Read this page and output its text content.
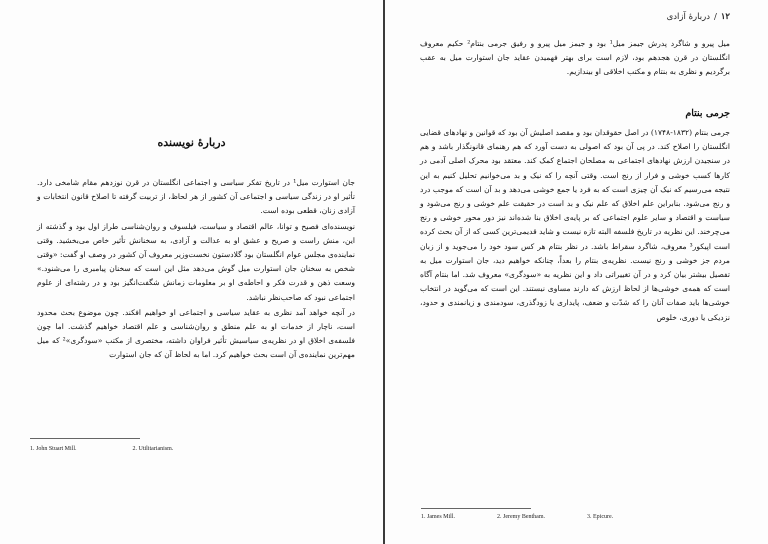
دربارهٔ نویسنده

جان استوارت میل¹ در تاریخ تفکر سیاسی و اجتماعی انگلستان در قرن نوزدهم مقام شامخی دارد. تأثیر او در زندگی سیاسی و اجتماعی آن کشور از هر لحاظ، از تربیت گرفته تا اصلاح قانون انتخابات و آزادی زنان، قطعی بوده است.

نویسنده‌ای فصیح و توانا، عالم اقتصاد و سیاست، فیلسوف و روان‌شناسی طراز اول بود و گذشته از این، منش راست و صریح و عشق او به عدالت و آزادی، به سخنانش تأثیر خاص می‌بخشید. وقتی نماینده‌ی مجلس عوام انگلستان بود گلادستون نخست‌وزیر معروف آن کشور در وصف او گفت: «وقتی شخص به سخنان جان استوارت میل گوش می‌دهد مثل این است که سخنان پیامبری را می‌شنود.» وسعت ذهن و قدرت فکر و احاطه‌ی او بر معلومات زمانش شگفت‌انگیز بود و در رشته‌ای از علوم اجتماعی نبود که صاحب‌نظر نباشد.

در آنچه خواهد آمد نظری به عقاید سیاسی و اجتماعی او خواهیم افکند. چون موضوع بحث محدود است، ناچار از خدمات او به علم منطق و روان‌شناسی و علم اقتصاد خواهیم گذشت. اما چون فلسفه‌ی اخلاق او در نظریه‌ی سیاسیش تأثیر فراوان داشته، مختصری از مکتب «سودگری»² که میل مهم‌ترین نماینده‌ی آن است بحث خواهیم کرد. اما به لحاظ آن که جان استوارت

1. John Stuart Mill.	2. Utilitarianism.
۱۲/دربارهٔ آزادی
میل پیرو و شاگرد پدرش جیمز میل¹ بود و جیمز میل پیرو و رفیق جرمی بنتام² حکیم معروف انگلستان در قرن هجدهم بود، لازم است برای بهتر فهمیدن عقاید جان استوارت میل به عقب برگردیم و نظری به بنتام و مکتب اخلاقی او بیندازیم.
جرمی بنتام
جرمی بنتام (۱۸۳۲-۱۷۴۸) در اصل حقوقدان بود و مقصد اصلیش آن بود که قوانین و نهادهای قضایی انگلستان را اصلاح کند. در پی آن بود که اصولی به دست آورد که هم رهنمای قانونگذار باشد و هم در سنجیدن ارزش نهادهای اجتماعی به مصلحان اجتماع کمک کند. معتقد بود محرک اصلی آدمی در کارها کسب خوشی و فرار از رنج است. وقتی آنچه را که نیک و بد می‌خوانیم تحلیل کنیم به این نتیجه می‌رسیم که نیک آن چیزی است که به فرد یا جمع خوشی می‌دهد و بد آن است که موجب درد و رنج می‌شود. بنابراین علم اخلاق که علم نیک و بد است در حقیقت علم خوشی و رنج می‌شود و سیاست و اقتصاد و سایر علوم اجتماعی که بر پایه‌ی اخلاق بنا شده‌اند نیز دور محور خوشی و رنج می‌چرخند. این نظریه در تاریخ فلسفه البته تازه نیست و شاید قدیمی‌ترین کسی که از آن بحث کرده است اپیکور³ معروف، شاگرد سقراط باشد. در نظر بنتام هر کس سود خود را می‌جوید و از زبان مردم جز خوشی و رنج نیست. نظریه‌ی بنتام را بعداً، چنانکه خواهیم دید، جان استوارت میل به تفصیل بیشتر بیان کرد و در آن تغییراتی داد و این نظریه به «سودگری» معروف شد. اما بنتام آگاه است که همه‌ی خوشی‌ها از لحاظ ارزش که دارند مساوی نیستند. این است که می‌گوید در انتخاب خوشی‌ها باید صفات آنان را که شدّت و ضعف، پایداری یا زودگذری، سودمندی و زیانمندی و حدود، نزدیکی یا دوری، خلوص
1. James Mill.	2. Jeremy Bentham.	3. Epicure.
